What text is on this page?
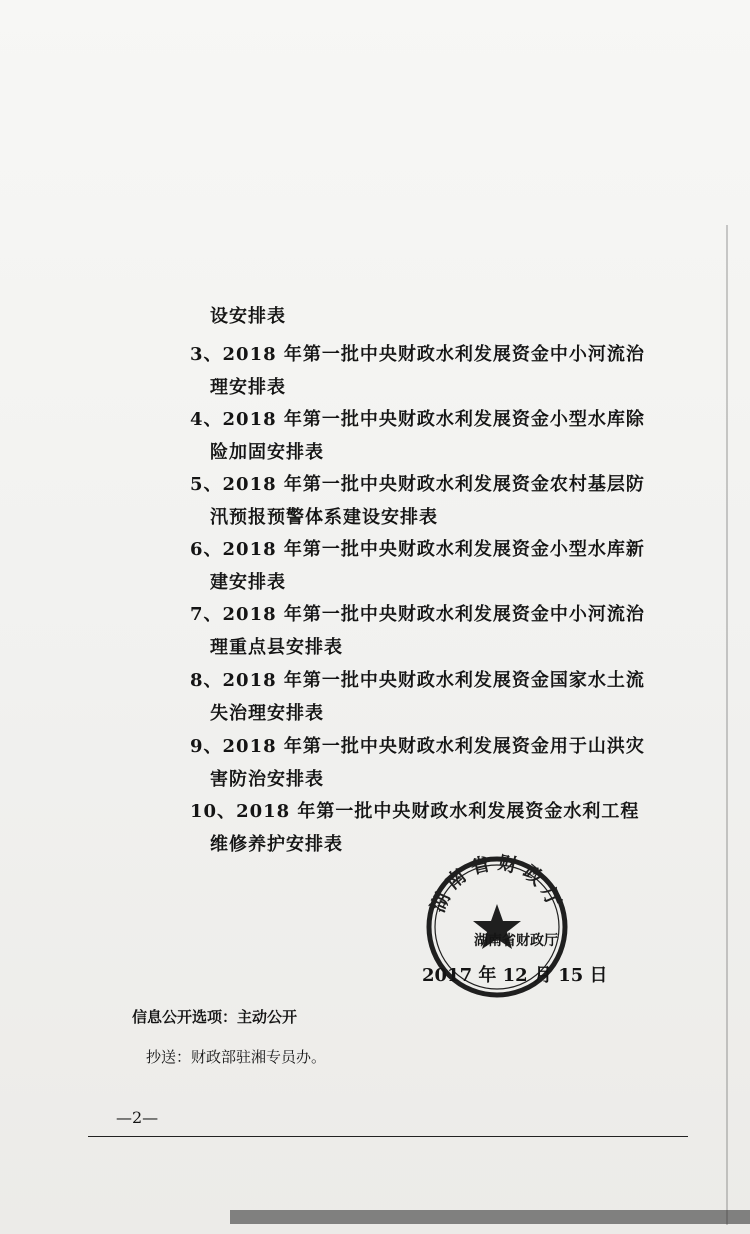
设安排表
3、2018 年第一批中央财政水利发展资金中小河流治
理安排表
4、2018 年第一批中央财政水利发展资金小型水库除
险加固安排表
5、2018 年第一批中央财政水利发展资金农村基层防
汛预报预警体系建设安排表
6、2018 年第一批中央财政水利发展资金小型水库新
建安排表
7、2018 年第一批中央财政水利发展资金中小河流治
理重点县安排表
8、2018 年第一批中央财政水利发展资金国家水土流
失治理安排表
9、2018 年第一批中央财政水利发展资金用于山洪灾
害防治安排表
10、2018 年第一批中央财政水利发展资金水利工程
维修养护安排表
湖南省财政厅
湖南省财政厅
2017 年 12 月 15 日
信息公开选项：主动公开
抄送：财政部驻湘专员办。
—2—
